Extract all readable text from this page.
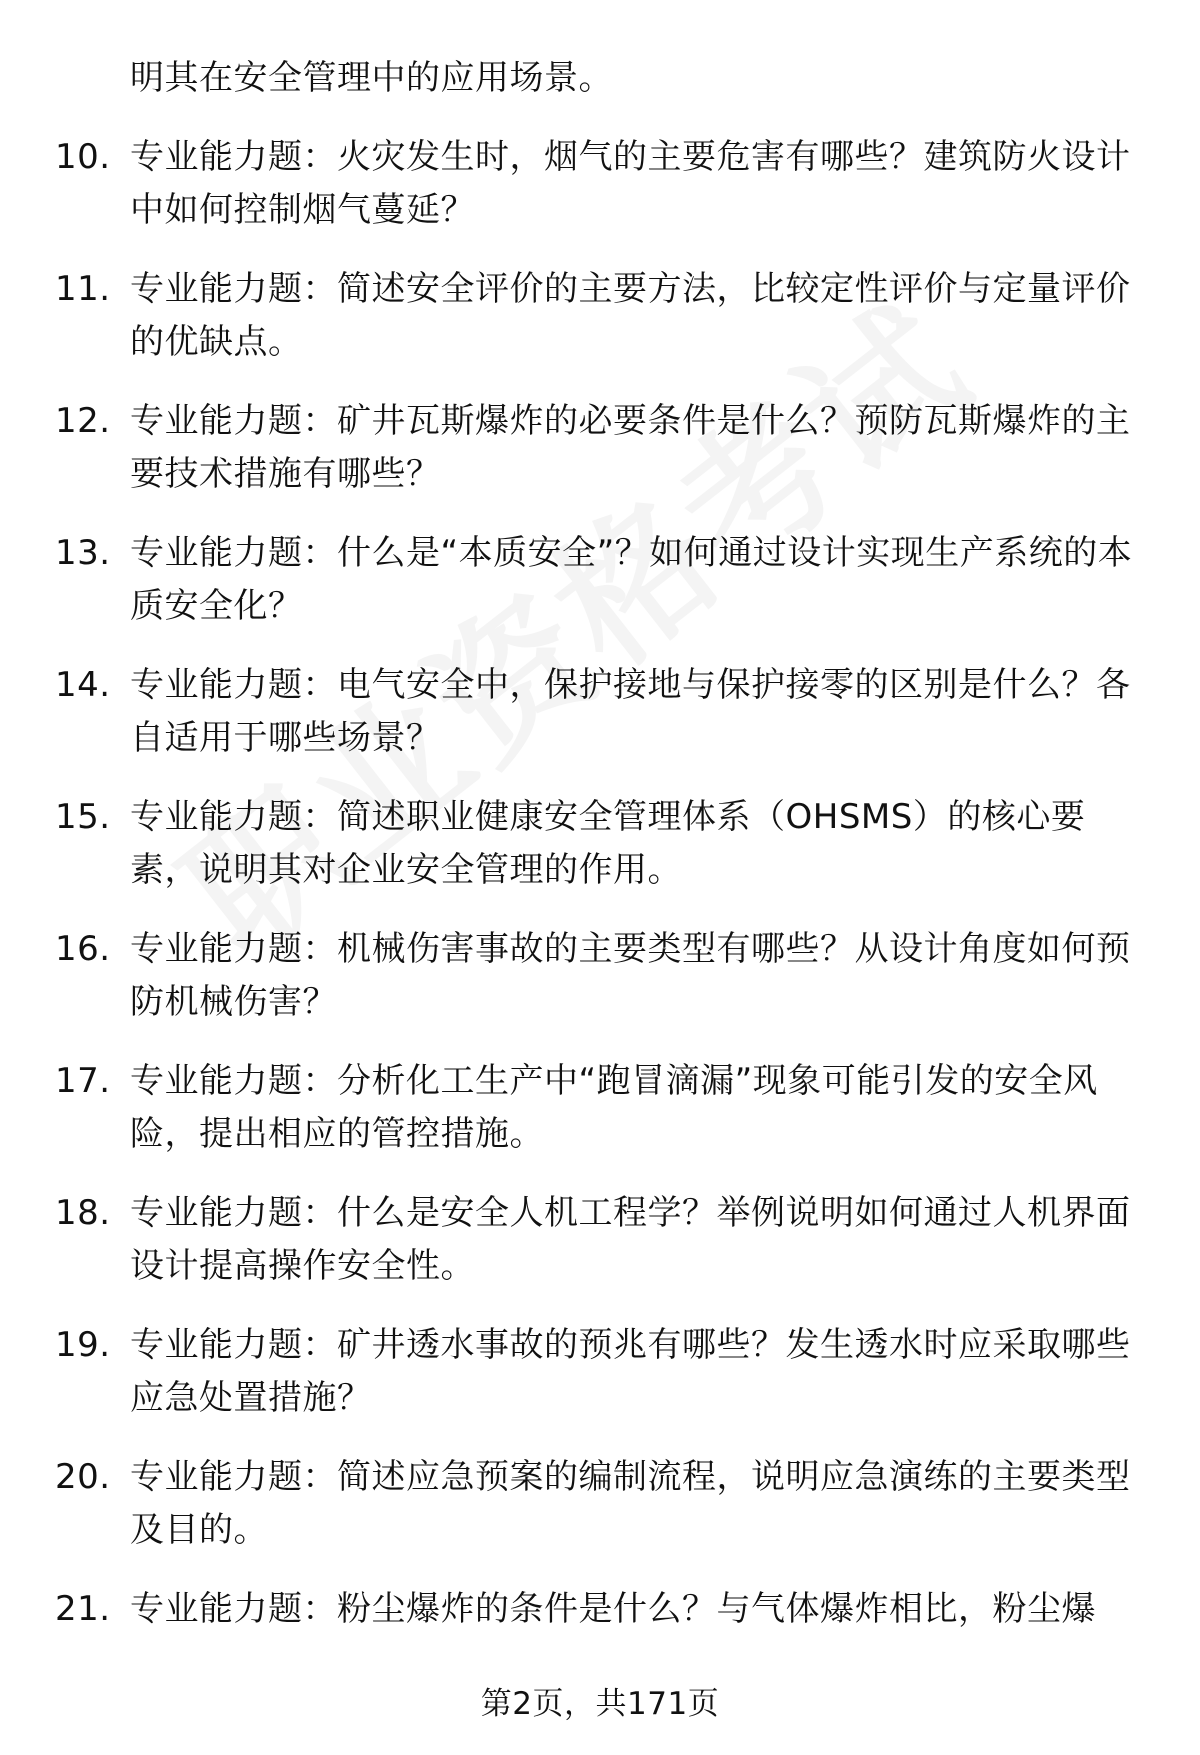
明其在安全管理中的应用场景。
10. 专业能力题：火灾发生时，烟气的主要危害有哪些？建筑防火设计中如何控制烟气蔓延？
11. 专业能力题：简述安全评价的主要方法，比较定性评价与定量评价的优缺点。
12. 专业能力题：矿井瓦斯爆炸的必要条件是什么？预防瓦斯爆炸的主要技术措施有哪些？
13. 专业能力题：什么是“本质安全”？如何通过设计实现生产系统的本质安全化？
14. 专业能力题：电气安全中，保护接地与保护接零的区别是什么？各自适用于哪些场景？
15. 专业能力题：简述职业健康安全管理体系（OHSMS）的核心要素，说明其对企业安全管理的作用。
16. 专业能力题：机械伤害事故的主要类型有哪些？从设计角度如何预防机械伤害？
17. 专业能力题：分析化工生产中“跑冒滴漏”现象可能引发的安全风险，提出相应的管控措施。
18. 专业能力题：什么是安全人机工程学？举例说明如何通过人机界面设计提高操作安全性。
19. 专业能力题：矿井透水事故的预兆有哪些？发生透水时应采取哪些应急处置措施？
20. 专业能力题：简述应急预案的编制流程，说明应急演练的主要类型及目的。
21. 专业能力题：粉尘爆炸的条件是什么？与气体爆炸相比，粉尘爆
第2页，共171页
